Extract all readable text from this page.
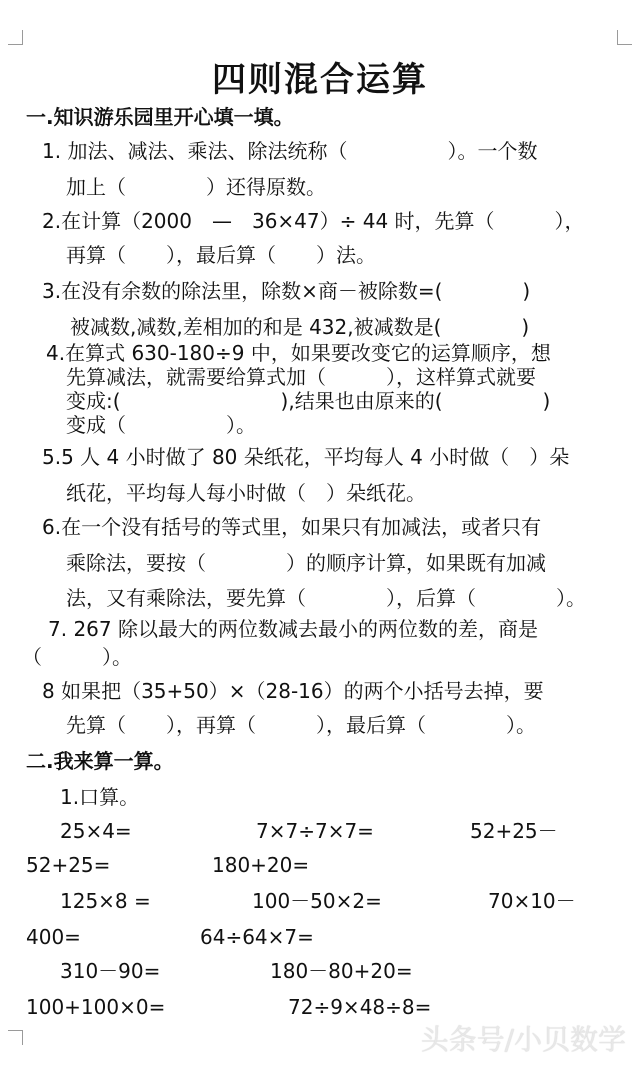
四则混合运算
一.知识游乐园里开心填一填。
1. 加法、减法、乘法、除法统称（　　　　　）。一个数
加上（　　　　）还得原数。
2.在计算（2000　—　36×47）÷ 44 时，先算（　　　），
再算（　　），最后算（　　）法。
3.在没有余数的除法里，除数×商－被除数=(　　　　)
被减数,减数,差相加的和是 432,被减数是(　　　　)
4.在算式 630-180÷9 中，如果要改变它的运算顺序，想
先算减法，就需要给算式加（　　　），这样算式就要
变成:(　　　　　　　　),结果也由原来的(　　　　　)
变成（　　　　　）。
5.5 人 4 小时做了 80 朵纸花，平均每人 4 小时做（　）朵
纸花，平均每人每小时做（　）朵纸花。
6.在一个没有括号的等式里，如果只有加减法，或者只有
乘除法，要按（　　　　）的顺序计算，如果既有加减
法，又有乘除法，要先算（　　　　），后算（　　　　）。
7. 267 除以最大的两位数减去最小的两位数的差，商是
（　　　）。
8 如果把（35+50）×（28-16）的两个小括号去掉，要
先算（　　），再算（　　　），最后算（　　　　）。
二.我来算一算。
1.口算。
25×4=	7×7÷7×7=	52+25－
52+25=	180+20=
125×8 =	100－50×2=	70×10－
400=	64÷64×7=
310－90=	180－80+20=
100+100×0=	72÷9×48÷8=
头条号/小贝数学
